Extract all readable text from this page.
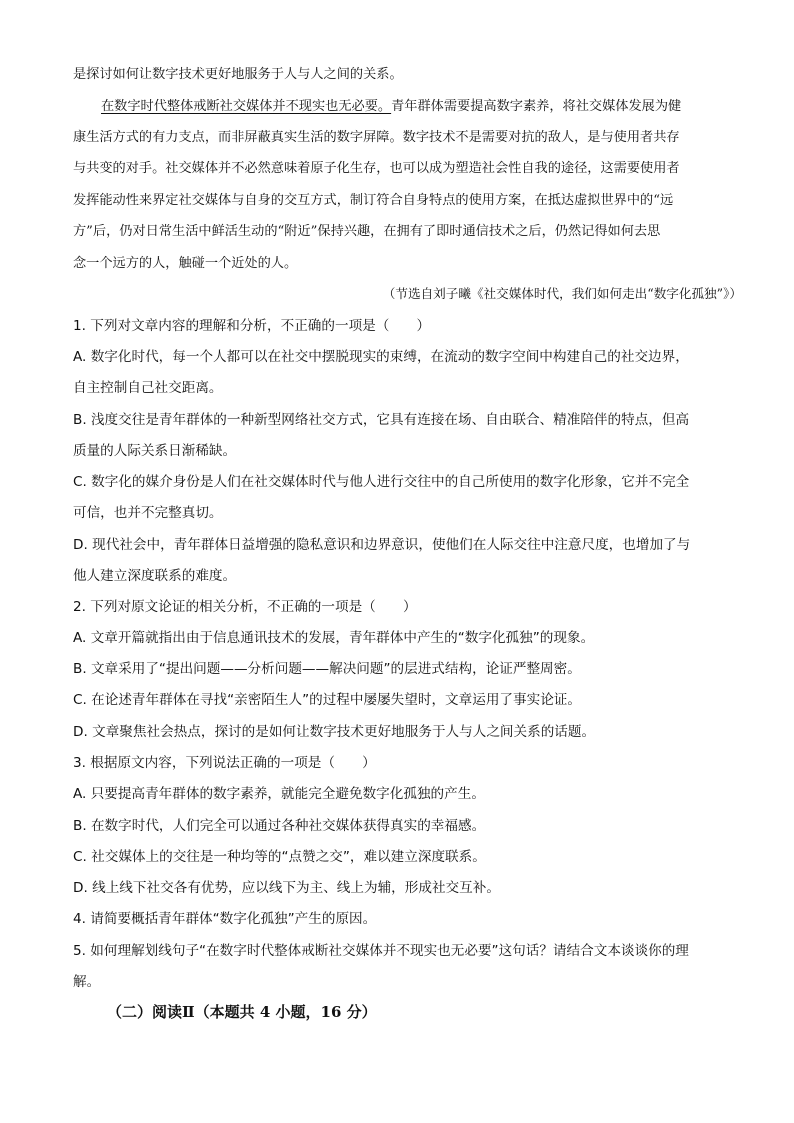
是探讨如何让数字技术更好地服务于人与人之间的关系。
在数字时代整体戒断社交媒体并不现实也无必要。青年群体需要提高数字素养，将社交媒体发展为健
康生活方式的有力支点，而非屏蔽真实生活的数字屏障。数字技术不是需要对抗的敌人，是与使用者共存
与共变的对手。社交媒体并不必然意味着原子化生存，也可以成为塑造社会性自我的途径，这需要使用者
发挥能动性来界定社交媒体与自身的交互方式，制订符合自身特点的使用方案，在抵达虚拟世界中的“远
方”后，仍对日常生活中鲜活生动的“附近”保持兴趣，在拥有了即时通信技术之后，仍然记得如何去思
念一个远方的人，触碰一个近处的人。
（节选自刘子曦《社交媒体时代，我们如何走出“数字化孤独”》）
1. 下列对文章内容的理解和分析，不正确的一项是（　　）
A. 数字化时代，每一个人都可以在社交中摆脱现实的束缚，在流动的数字空间中构建自己的社交边界，
自主控制自己社交距离。
B. 浅度交往是青年群体的一种新型网络社交方式，它具有连接在场、自由联合、精准陪伴的特点，但高
质量的人际关系日渐稀缺。
C. 数字化的媒介身份是人们在社交媒体时代与他人进行交往中的自己所使用的数字化形象，它并不完全
可信，也并不完整真切。
D. 现代社会中，青年群体日益增强的隐私意识和边界意识，使他们在人际交往中注意尺度，也增加了与
他人建立深度联系的难度。
2. 下列对原文论证的相关分析，不正确的一项是（　　）
A. 文章开篇就指出由于信息通讯技术的发展，青年群体中产生的“数字化孤独”的现象。
B. 文章采用了“提出问题——分析问题——解决问题”的层进式结构，论证严整周密。
C. 在论述青年群体在寻找“亲密陌生人”的过程中屡屡失望时，文章运用了事实论证。
D. 文章聚焦社会热点，探讨的是如何让数字技术更好地服务于人与人之间关系的话题。
3. 根据原文内容，下列说法正确的一项是（　　）
A. 只要提高青年群体的数字素养，就能完全避免数字化孤独的产生。
B. 在数字时代，人们完全可以通过各种社交媒体获得真实的幸福感。
C. 社交媒体上的交往是一种均等的“点赞之交”，难以建立深度联系。
D. 线上线下社交各有优势，应以线下为主、线上为辅，形成社交互补。
4. 请简要概括青年群体“数字化孤独”产生的原因。
5. 如何理解划线句子“在数字时代整体戒断社交媒体并不现实也无必要”这句话？请结合文本谈谈你的理
解。
（二）阅读Ⅱ（本题共 4 小题，16 分）
